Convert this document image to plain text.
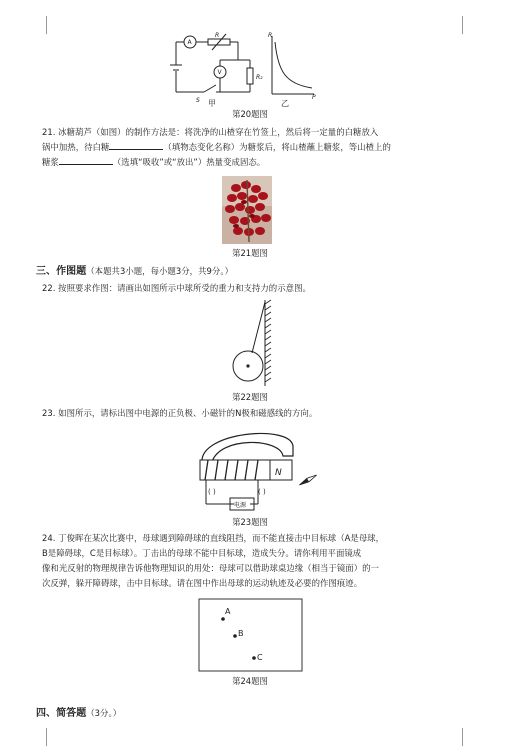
A
V
R
R₂
S 甲	乙
R
P
第20题图
21. 冰糖葫芦（如图）的制作方法是：将洗净的山楂穿在竹签上，然后将一定量的白糖放入
锅中加热，待白糖	（填物态变化名称）为糖浆后，将山楂蘸上糖浆，等山楂上的
糖浆	（选填“吸收”或“放出”）热量变成固态。
第21题图
三、作图题（本题共3小题，每小题3分，共9分。）
22. 按照要求作图：请画出如图所示中球所受的重力和支持力的示意图。
第22题图
23. 如图所示，请标出图中电源的正负极、小磁针的N极和磁感线的方向。
N
电源
( )	( )
第23题图
24. 丁俊晖在某次比赛中，母球遇到障碍球的直线阻挡，而不能直接击中目标球（A是母球，
B是障碍球，C是目标球）。丁击出的母球不能中目标球，造成失分。请你利用平面镜成
像和光反射的物理规律告诉他物理知识的用处：母球可以借助球桌边缘（相当于镜面）的一
次反弹，躲开障碍球，击中目标球。请在图中作出母球的运动轨迹及必要的作图痕迹。
A
B
C
第24题图
四、简答题（3分。）
